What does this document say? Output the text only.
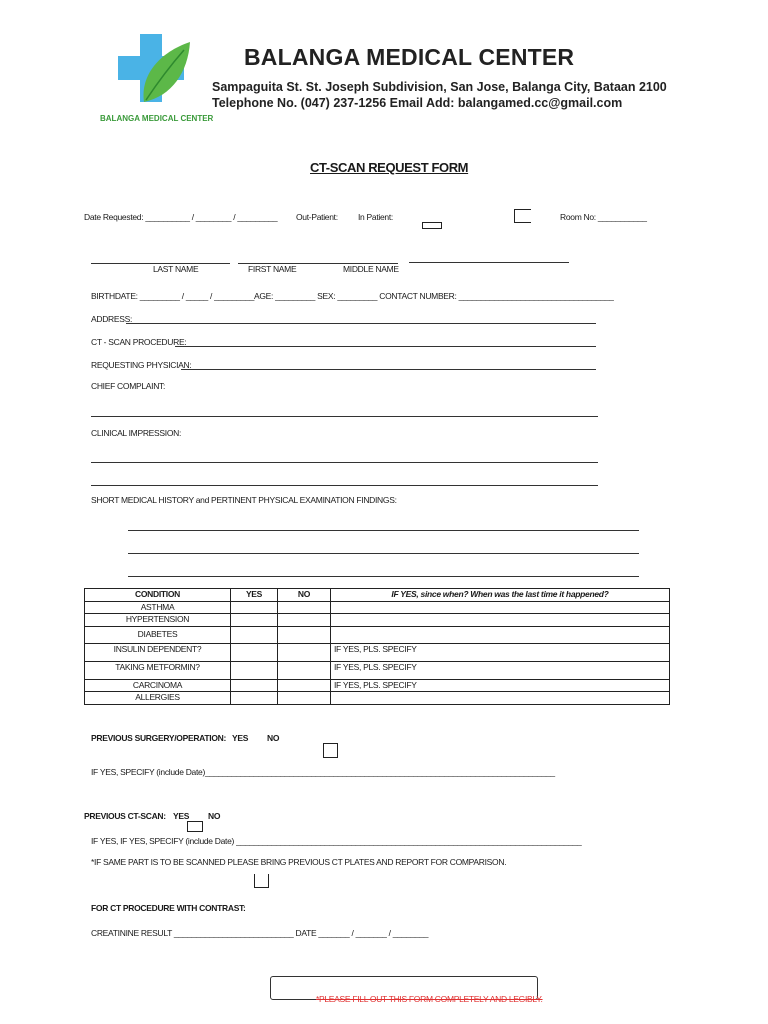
BALANGA MEDICAL CENTER
BALANGA MEDICAL CENTER
Sampaguita St. St. Joseph Subdivision, San Jose, Balanga City, Bataan 2100
Telephone No. (047) 237-1256 Email Add: balangamed.cc@gmail.com
CT-SCAN REQUEST FORM
Date Requested: __________ / ________ / _________ Out-Patient: In Patient:	Room No: ___________
LAST NAME	FIRST NAME	MIDDLE NAME
BIRTHDATE: _________ / _____ / _________AGE: _________ SEX: _________ CONTACT NUMBER: ___________________________________
ADDRESS:
CT - SCAN PROCEDURE:
REQUESTING PHYSICIAN:
CHIEF COMPLAINT:
CLINICAL IMPRESSION:
SHORT MEDICAL HISTORY and PERTINENT PHYSICAL EXAMINATION FINDINGS:
CONDITION	YES	NO	IF YES, since when? When was the last time it happened?
ASTHMA			
HYPERTENSION			
DIABETES			
INSULIN DEPENDENT?			IF YES, PLS. SPECIFY
TAKING METFORMIN?			IF YES, PLS. SPECIFY
CARCINOMA			IF YES, PLS. SPECIFY
ALLERGIES			
PREVIOUS SURGERY/OPERATION: YES NO
IF YES, SPECIFY (include Date)_______________________________________________________________________________
PREVIOUS CT-SCAN: YES NO
IF YES, IF YES, SPECIFY (include Date) ______________________________________________________________________________
*IF SAME PART IS TO BE SCANNED PLEASE BRING PREVIOUS CT PLATES AND REPORT FOR COMPARISON.
FOR CT PROCEDURE WITH CONTRAST:
CREATININE RESULT ___________________________ DATE _______ / _______ / ________
*PLEASE FILL OUT THIS FORM COMPLETELY AND LEGIBLY.
